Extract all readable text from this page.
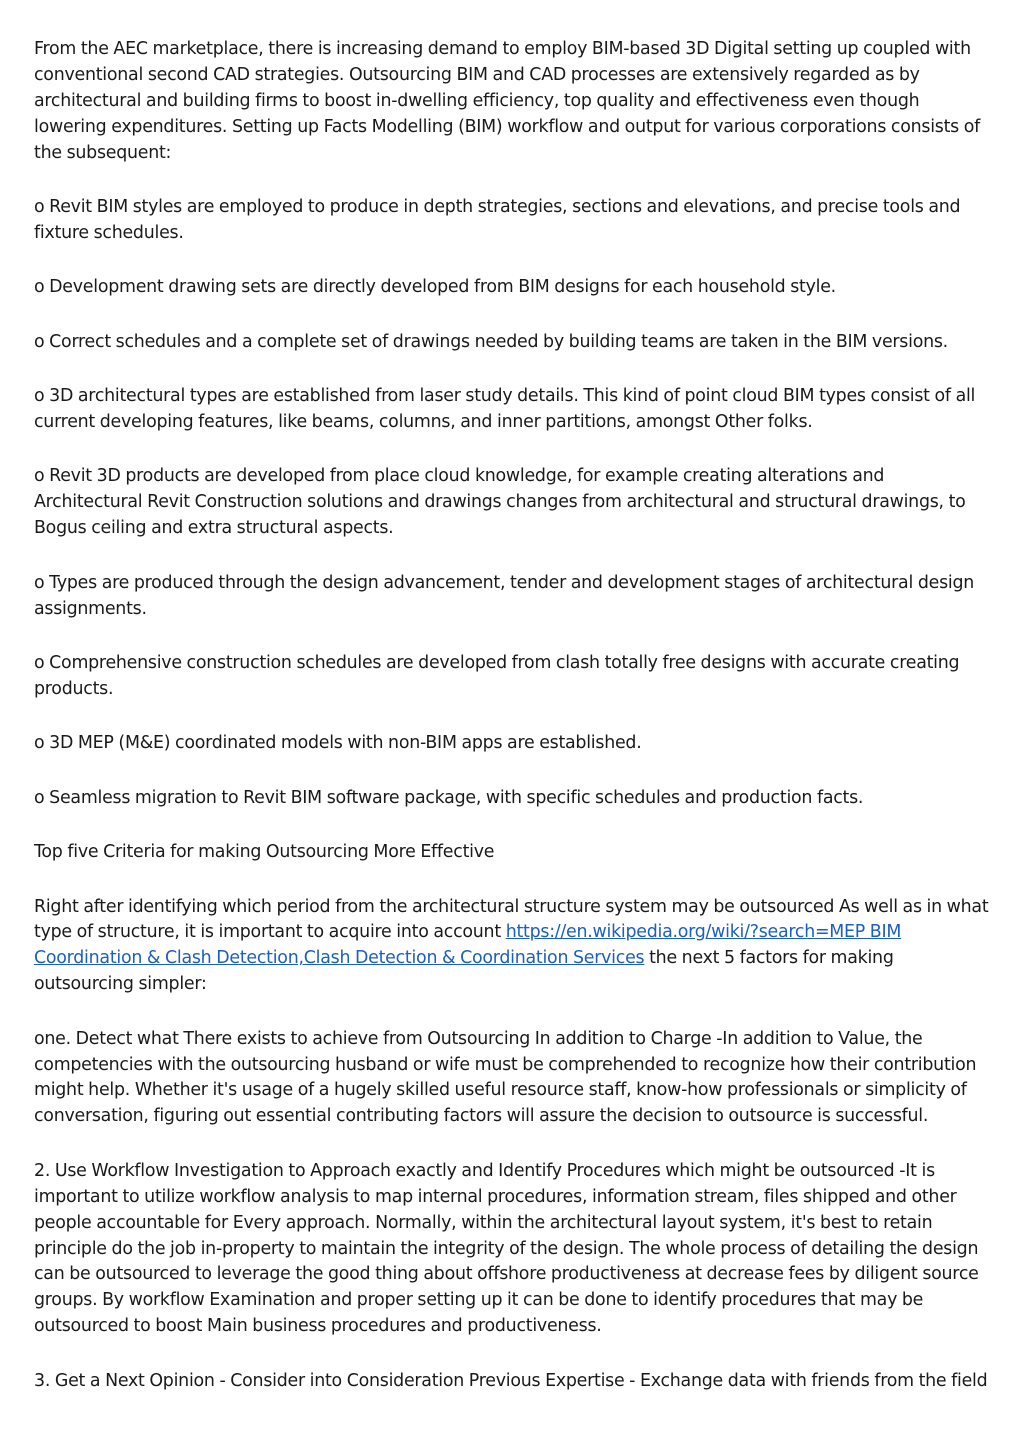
From the AEC marketplace, there is increasing demand to employ BIM-based 3D Digital setting up coupled with conventional second CAD strategies. Outsourcing BIM and CAD processes are extensively regarded as by architectural and building firms to boost in-dwelling efficiency, top quality and effectiveness even though lowering expenditures. Setting up Facts Modelling (BIM) workflow and output for various corporations consists of the subsequent:

o Revit BIM styles are employed to produce in depth strategies, sections and elevations, and precise tools and fixture schedules.

o Development drawing sets are directly developed from BIM designs for each household style.

o Correct schedules and a complete set of drawings needed by building teams are taken in the BIM versions.

o 3D architectural types are established from laser study details. This kind of point cloud BIM types consist of all current developing features, like beams, columns, and inner partitions, amongst Other folks.

o Revit 3D products are developed from place cloud knowledge, for example creating alterations and Architectural Revit Construction solutions and drawings changes from architectural and structural drawings, to Bogus ceiling and extra structural aspects.

o Types are produced through the design advancement, tender and development stages of architectural design assignments.

o Comprehensive construction schedules are developed from clash totally free designs with accurate creating products.

o 3D MEP (M&E) coordinated models with non-BIM apps are established.

o Seamless migration to Revit BIM software package, with specific schedules and production facts.

Top five Criteria for making Outsourcing More Effective

Right after identifying which period from the architectural structure system may be outsourced As well as in what type of structure, it is important to acquire into account https://en.wikipedia.org/wiki/?search=MEP BIM Coordination & Clash Detection,Clash Detection & Coordination Services the next 5 factors for making outsourcing simpler:

one. Detect what There exists to achieve from Outsourcing In addition to Charge -In addition to Value, the competencies with the outsourcing husband or wife must be comprehended to recognize how their contribution might help. Whether it's usage of a hugely skilled useful resource staff, know-how professionals or simplicity of conversation, figuring out essential contributing factors will assure the decision to outsource is successful.

2. Use Workflow Investigation to Approach exactly and Identify Procedures which might be outsourced -It is important to utilize workflow analysis to map internal procedures, information stream, files shipped and other people accountable for Every approach. Normally, within the architectural layout system, it's best to retain principle do the job in-property to maintain the integrity of the design. The whole process of detailing the design can be outsourced to leverage the good thing about offshore productiveness at decrease fees by diligent source groups. By workflow Examination and proper setting up it can be done to identify procedures that may be outsourced to boost Main business procedures and productiveness.

3. Get a Next Opinion - Consider into Consideration Previous Expertise - Exchange data with friends from the field
